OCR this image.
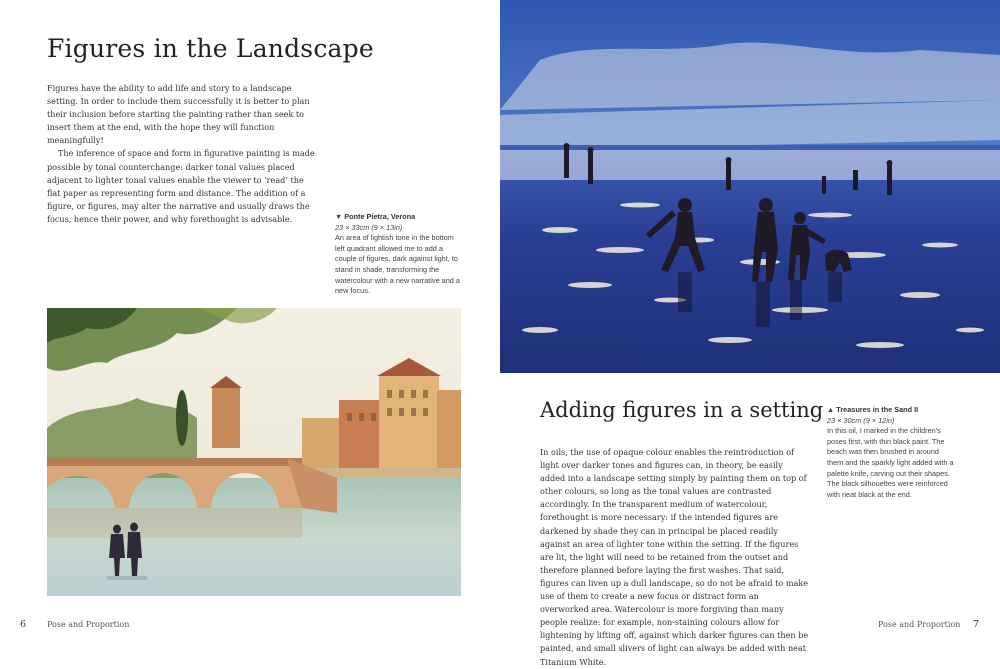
Figures in the Landscape

Figures have the ability to add life and story to a landscape setting. In order to include them successfully it is better to plan their inclusion before starting the painting rather than seek to insert them at the end, with the hope they will function meaningfully!

The inference of space and form in figurative painting is made possible by tonal counterchange: darker tonal values placed adjacent to lighter tonal values enable the viewer to ‘read’ the flat paper as representing form and distance. The addition of a figure, or figures, may alter the narrative and usually draws the focus, hence their power, and why forethought is advisable.	▼ Ponte Pietra, Verona
23 × 33cm (9 × 13in)
An area of lightish tone in the bottom left quadrant allowed me to add a couple of figures, dark against light, to stand in shade, transforming the watercolour with a new narrative and a new focus.
6	Pose and Proportion
Adding figures in a setting ▲ Treasures in the Sand II
23 × 30cm (9 × 12in)
In this oil, I marked in the children’s poses first, with thin black paint. The beach was then brushed in around them and the sparkly light added with a palette knife, carving out their shapes. The black silhouettes were reinforced with neat black at the end.

In oils, the use of opaque colour enables the reintroduction of light over darker tones and figures can, in theory, be easily added into a landscape setting simply by painting them on top of other colours, so long as the tonal values are contrasted accordingly. In the transparent medium of watercolour, forethought is more necessary: if the intended figures are darkened by shade they can in principal be placed readily against an area of lighter tone within the setting. If the figures are lit, the light will need to be retained from the outset and therefore planned before laying the first washes. That said, figures can liven up a dull landscape, so do not be afraid to make use of them to create a new focus or distract form an overworked area. Watercolour is more forgiving than many people realize: for example, non-staining colours allow for lightening by lifting off, against which darker figures can then be painted, and small slivers of light can always be added with neat Titanium White.

Pose and Proportion 7
